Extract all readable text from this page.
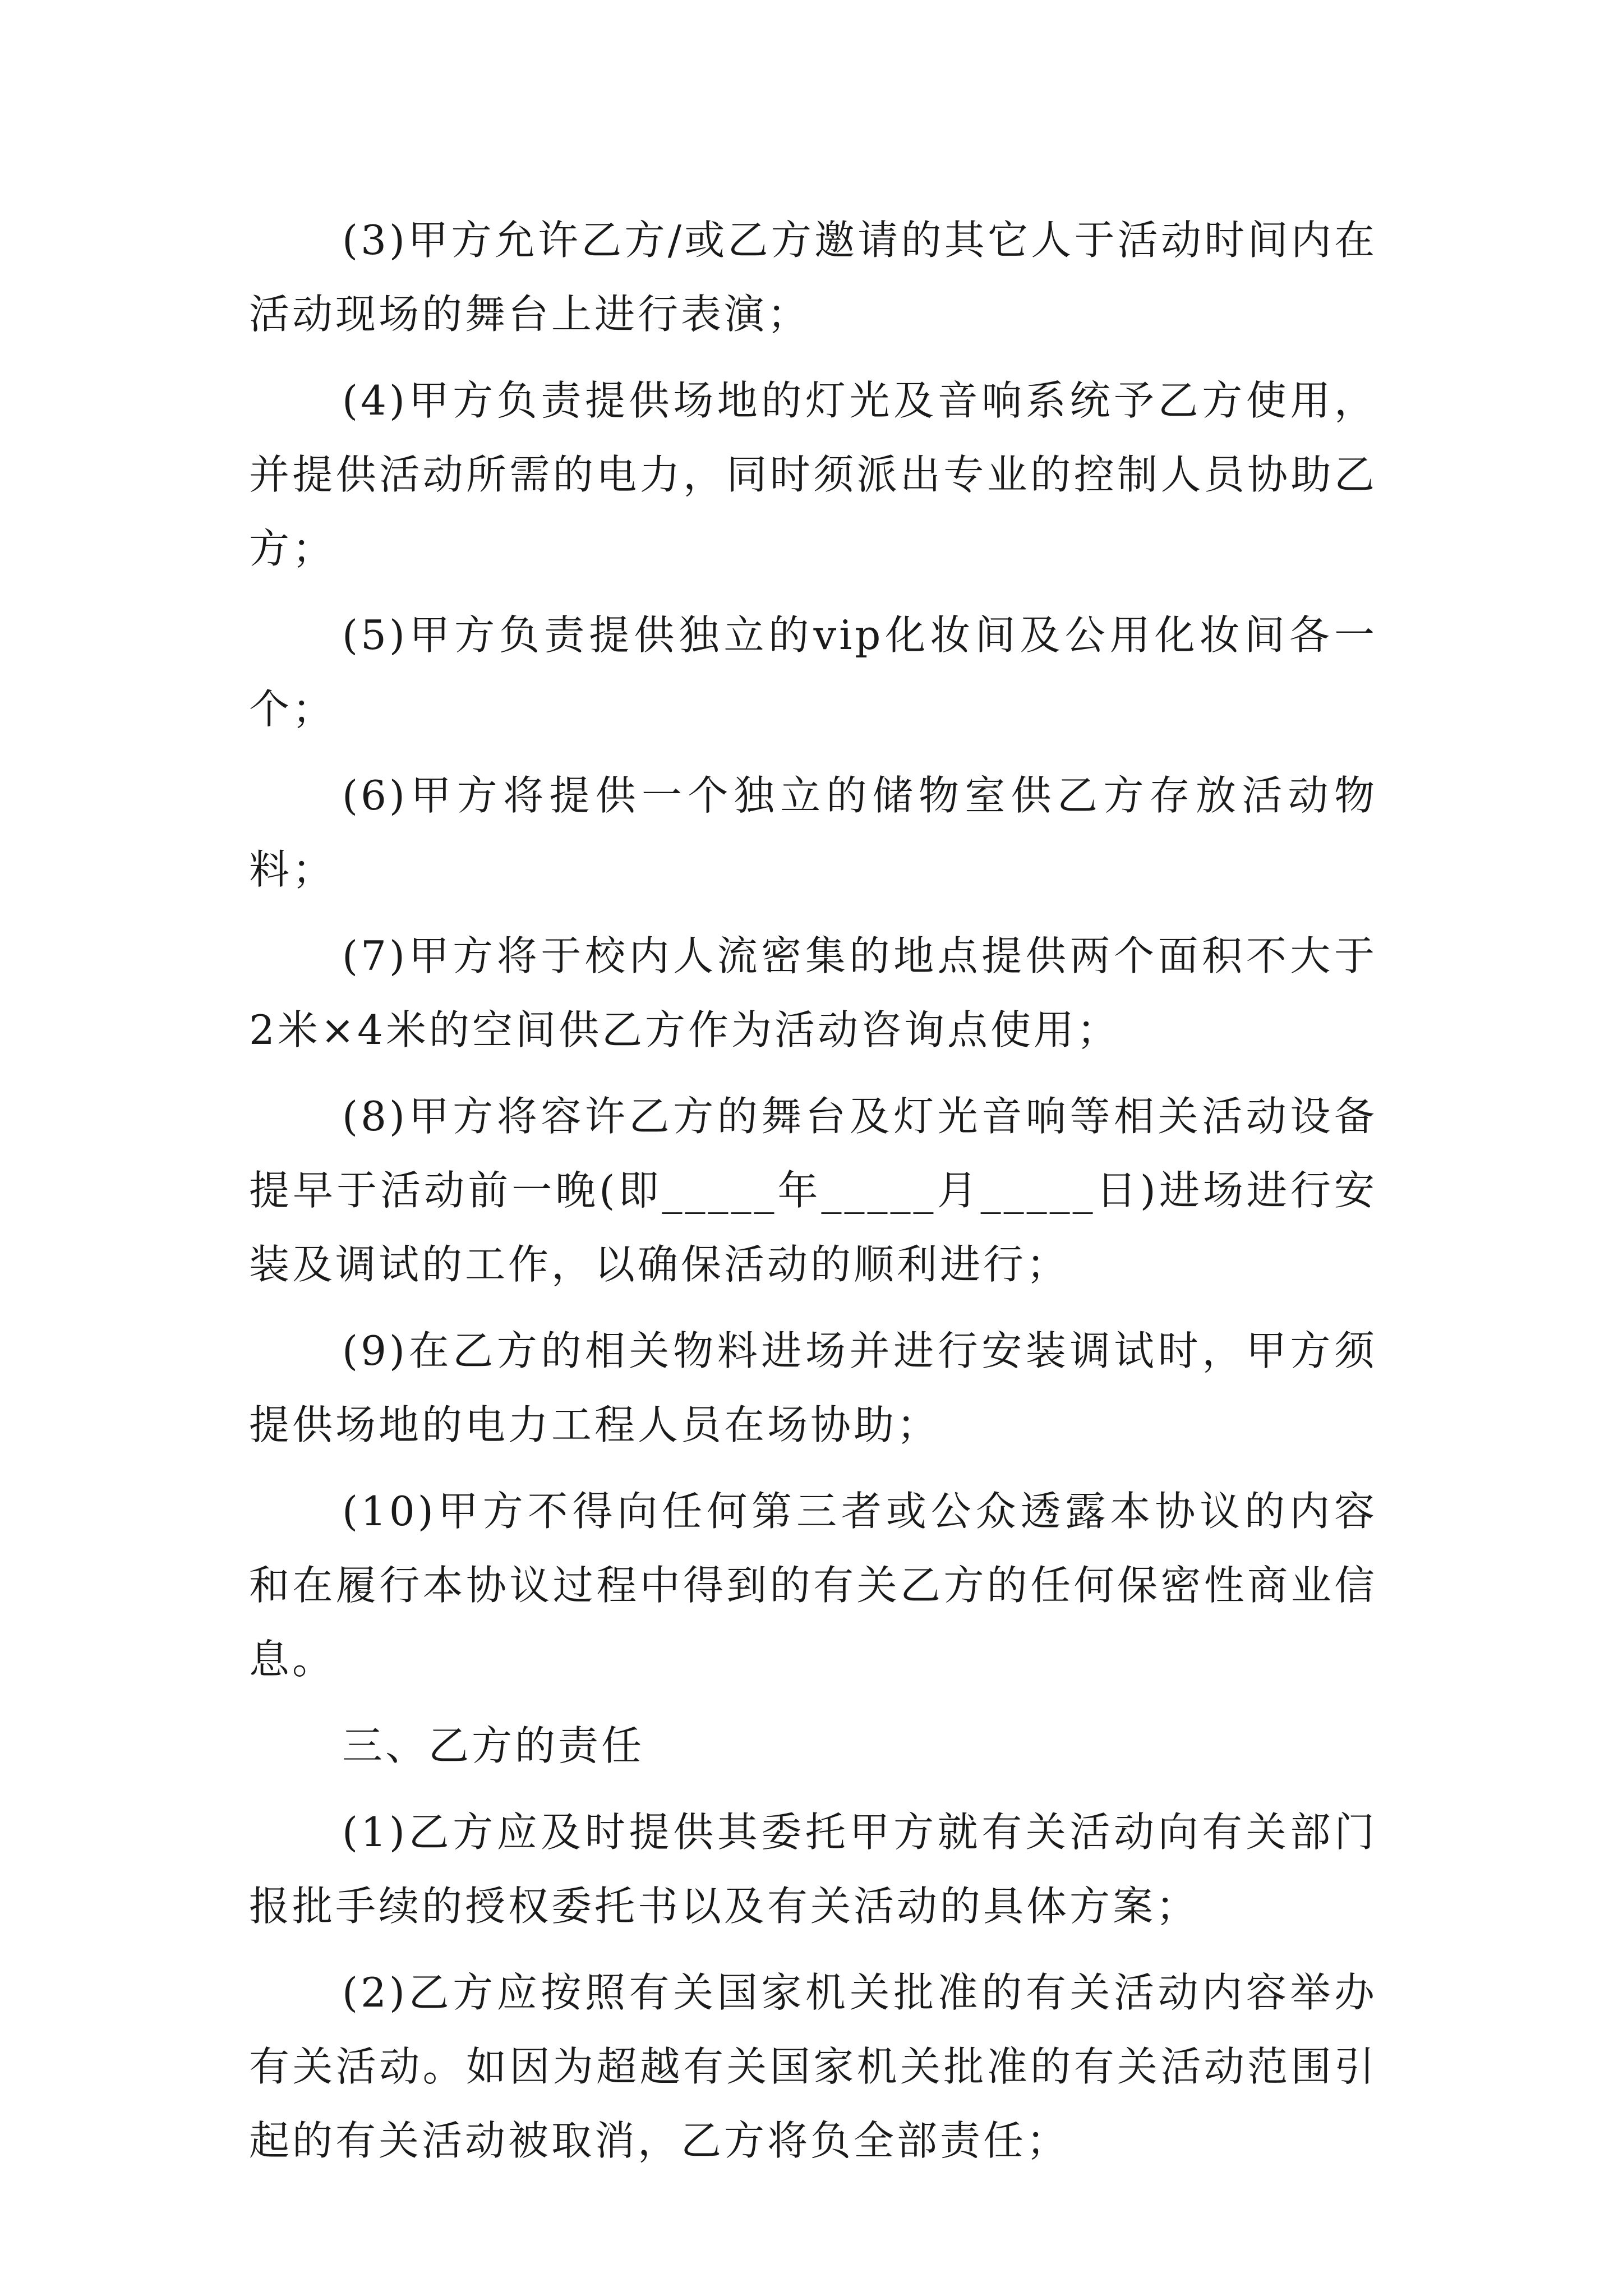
(3)甲方允许乙方/或乙方邀请的其它人于活动时间内在活动现场的舞台上进行表演；

(4)甲方负责提供场地的灯光及音响系统予乙方使用，并提供活动所需的电力，同时须派出专业的控制人员协助乙方；

(5)甲方负责提供独立的vip化妆间及公用化妆间各一个；

(6)甲方将提供一个独立的储物室供乙方存放活动物料；

(7)甲方将于校内人流密集的地点提供两个面积不大于2米×4米的空间供乙方作为活动咨询点使用；

(8)甲方将容许乙方的舞台及灯光音响等相关活动设备提早于活动前一晚(即_____年_____月_____日)进场进行安装及调试的工作，以确保活动的顺利进行；

(9)在乙方的相关物料进场并进行安装调试时，甲方须提供场地的电力工程人员在场协助；

(10)甲方不得向任何第三者或公众透露本协议的内容和在履行本协议过程中得到的有关乙方的任何保密性商业信息。

三、乙方的责任

(1)乙方应及时提供其委托甲方就有关活动向有关部门报批手续的授权委托书以及有关活动的具体方案；

(2)乙方应按照有关国家机关批准的有关活动内容举办有关活动。如因为超越有关国家机关批准的有关活动范围引起的有关活动被取消，乙方将负全部责任；
